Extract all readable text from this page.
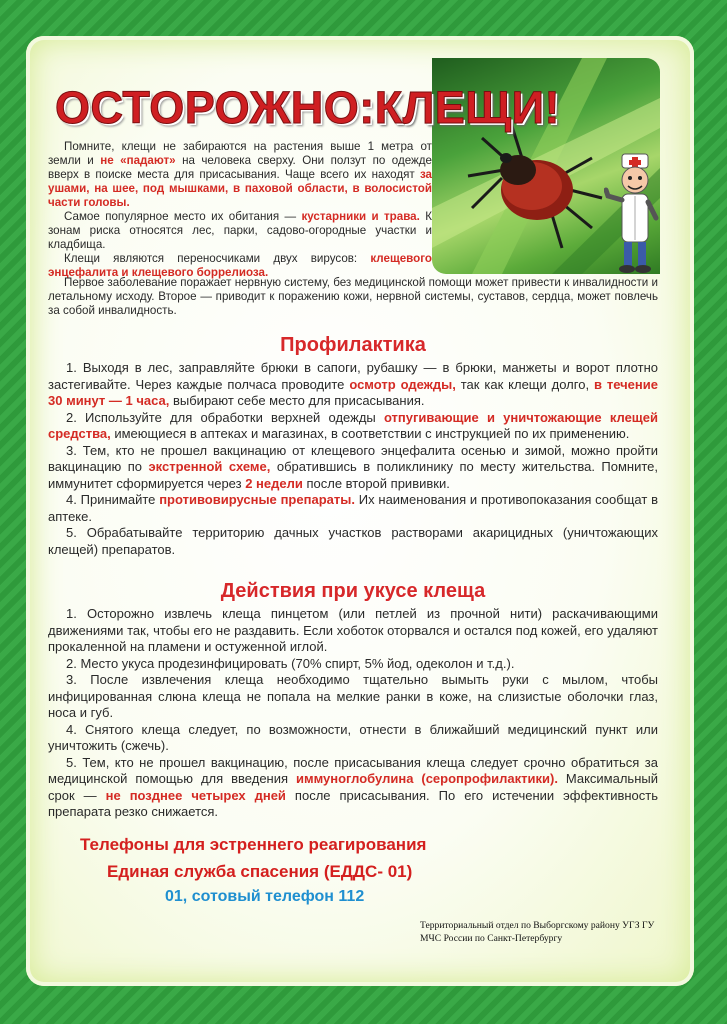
ОСТОРОЖНО:КЛЕЩИ!

Помните, клещи не забираются на растения выше 1 метра от земли и не «падают» на человека сверху. Они ползут по одежде вверх в поиске места для присасывания. Чаще всего их находят за ушами, на шее, под мышками, в паховой области, в волосистой части головы.

Самое популярное место их обитания — кустарники и трава. К зонам риска относятся лес, парки, садово-огородные участки и кладбища.

Клещи являются переносчиками двух вирусов: клещевого энцефалита и клещевого боррелиоза.

Первое заболевание поражает нервную систему, без медицинской помощи может привести к инвалидности и летальному исходу. Второе — приводит к поражению кожи, нервной системы, суставов, сердца, может повлечь за собой инвалидность.

Профилактика

1. Выходя в лес, заправляйте брюки в сапоги, рубашку — в брюки, манжеты и ворот плотно застегивайте. Через каждые полчаса проводите осмотр одежды, так как клещи долго, в течение 30 минут — 1 часа, выбирают себе место для присасывания.

2. Используйте для обработки верхней одежды отпугивающие и уничтожающие клещей средства, имеющиеся в аптеках и магазинах, в соответствии с инструкцией по их применению.

3. Тем, кто не прошел вакцинацию от клещевого энцефалита осенью и зимой, можно пройти вакцинацию по экстренной схеме, обратившись в поликлинику по месту жительства. Помните, иммунитет сформируется через 2 недели после второй прививки.

4. Принимайте противовирусные препараты. Их наименования и противопоказания сообщат в аптеке.

5. Обрабатывайте территорию дачных участков растворами акарицидных (уничтожающих клещей) препаратов.

Действия при укусе клеща

1. Осторожно извлечь клеща пинцетом (или петлей из прочной нити) раскачивающими движениями так, чтобы его не раздавить. Если хоботок оторвался и остался под кожей, его удаляют прокаленной на пламени и остуженной иглой.

2. Место укуса продезинфицировать (70% спирт, 5% йод, одеколон и т.д.).

3. После извлечения клеща необходимо тщательно вымыть руки с мылом, чтобы инфицированная слюна клеща не попала на мелкие ранки в коже, на слизистые оболочки глаз, носа и губ.

4. Снятого клеща следует, по возможности, отнести в ближайший медицинский пункт или уничтожить (сжечь).

5. Тем, кто не прошел вакцинацию, после присасывания клеща следует срочно обратиться за медицинской помощью для введения иммуноглобулина (серопрофилактики). Максимальный срок — не позднее четырех дней после присасывания. По его истечении эффективность препарата резко снижается.

Телефоны для эстреннего реагирования
Единая служба спасения (ЕДДС- 01)
01, сотовый телефон 112
Территориальный отдел по Выборгскому району УГЗ ГУ МЧС России по Санкт-Петербургу
